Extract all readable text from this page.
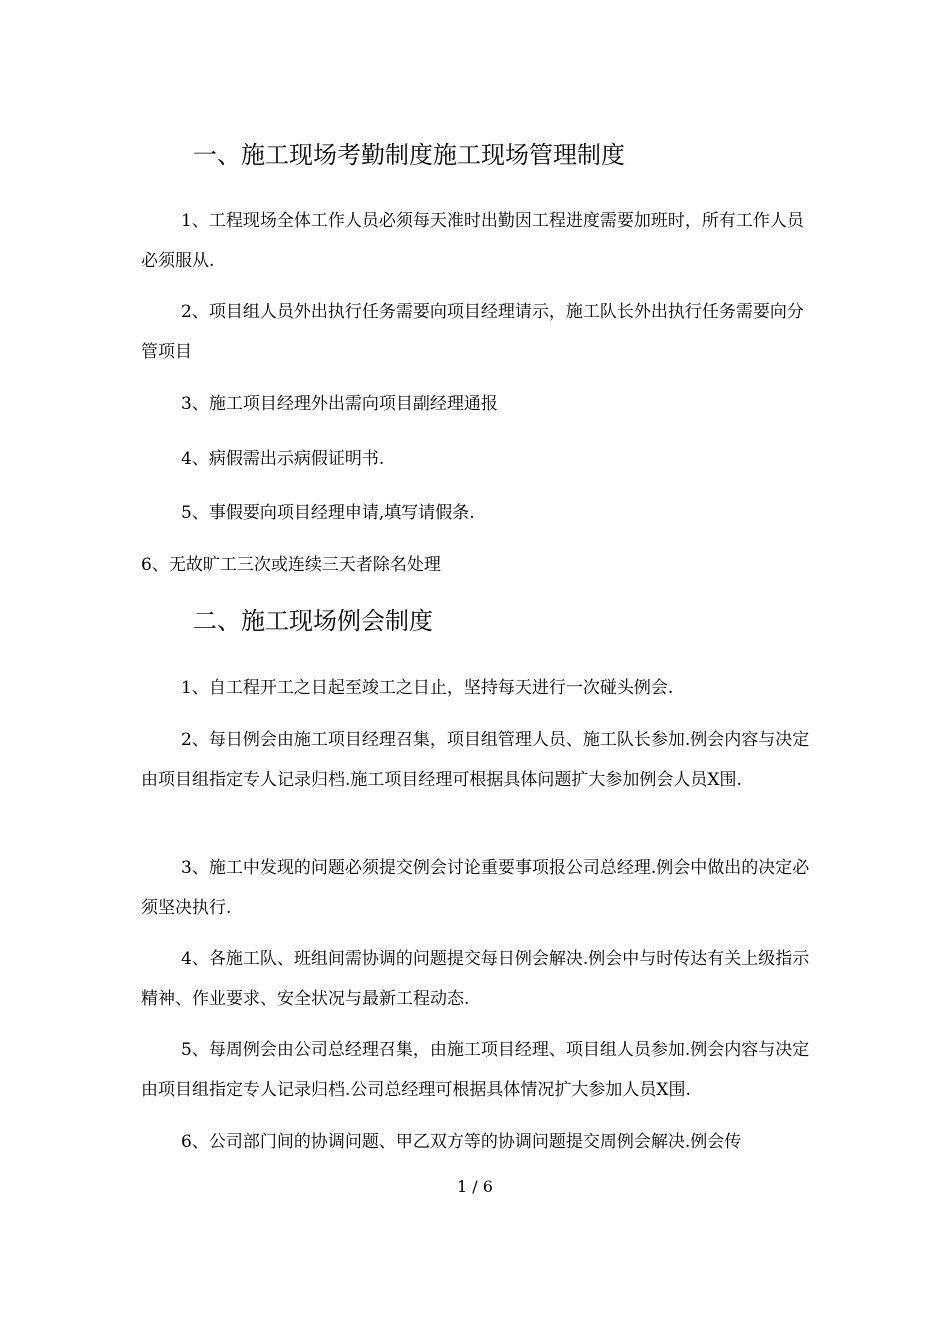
一、施工现场考勤制度施工现场管理制度
1、工程现场全体工作人员必须每天准时出勤因工程进度需要加班时，所有工作人员必须服从.
2、项目组人员外出执行任务需要向项目经理请示，施工队长外出执行任务需要向分管项目
3、施工项目经理外出需向项目副经理通报
4、病假需出示病假证明书.
5、事假要向项目经理申请,填写请假条.
6、无故旷工三次或连续三天者除名处理
二、施工现场例会制度
1、自工程开工之日起至竣工之日止，坚持每天进行一次碰头例会.
2、每日例会由施工项目经理召集，项目组管理人员、施工队长参加.例会内容与决定由项目组指定专人记录归档.施工项目经理可根据具体问题扩大参加例会人员X围.
3、施工中发现的问题必须提交例会讨论重要事项报公司总经理.例会中做出的决定必须坚决执行.
4、各施工队、班组间需协调的问题提交每日例会解决.例会中与时传达有关上级指示精神、作业要求、安全状况与最新工程动态.
5、每周例会由公司总经理召集，由施工项目经理、项目组人员参加.例会内容与决定由项目组指定专人记录归档.公司总经理可根据具体情况扩大参加人员X围.
6、公司部门间的协调问题、甲乙双方等的协调问题提交周例会解决.例会传
1 / 6
